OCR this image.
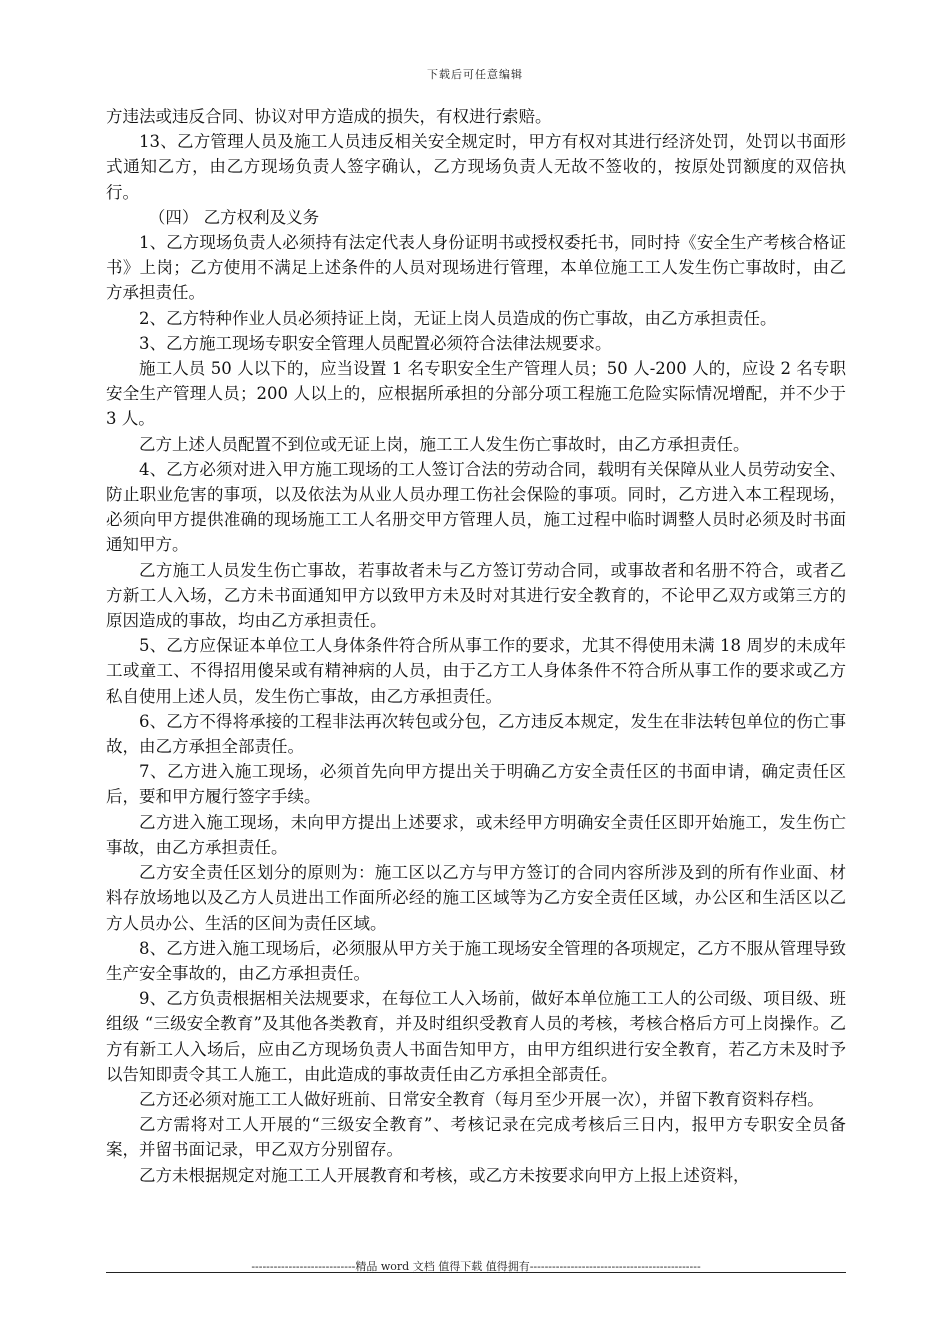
下载后可任意编辑

方违法或违反合同、协议对甲方造成的损失，有权进行索赔。

13、乙方管理人员及施工人员违反相关安全规定时，甲方有权对其进行经济处罚，处罚以书面形式通知乙方，由乙方现场负责人签字确认，乙方现场负责人无故不签收的，按原处罚额度的双倍执行。

（四） 乙方权利及义务

1、乙方现场负责人必须持有法定代表人身份证明书或授权委托书，同时持《安全生产考核合格证书》上岗；乙方使用不满足上述条件的人员对现场进行管理，本单位施工工人发生伤亡事故时，由乙方承担责任。

2、乙方特种作业人员必须持证上岗，无证上岗人员造成的伤亡事故，由乙方承担责任。

3、乙方施工现场专职安全管理人员配置必须符合法律法规要求。

施工人员 50 人以下的，应当设置 1 名专职安全生产管理人员；50 人-200 人的，应设 2 名专职安全生产管理人员；200 人以上的，应根据所承担的分部分项工程施工危险实际情况增配，并不少于 3 人。

乙方上述人员配置不到位或无证上岗，施工工人发生伤亡事故时，由乙方承担责任。

4、乙方必须对进入甲方施工现场的工人签订合法的劳动合同，载明有关保障从业人员劳动安全、防止职业危害的事项，以及依法为从业人员办理工伤社会保险的事项。同时，乙方进入本工程现场，必须向甲方提供准确的现场施工工人名册交甲方管理人员，施工过程中临时调整人员时必须及时书面通知甲方。

乙方施工人员发生伤亡事故，若事故者未与乙方签订劳动合同，或事故者和名册不符合，或者乙方新工人入场，乙方未书面通知甲方以致甲方未及时对其进行安全教育的，不论甲乙双方或第三方的原因造成的事故，均由乙方承担责任。

5、乙方应保证本单位工人身体条件符合所从事工作的要求，尤其不得使用未满 18 周岁的未成年工或童工、不得招用傻呆或有精神病的人员，由于乙方工人身体条件不符合所从事工作的要求或乙方私自使用上述人员，发生伤亡事故，由乙方承担责任。

6、乙方不得将承接的工程非法再次转包或分包，乙方违反本规定，发生在非法转包单位的伤亡事故，由乙方承担全部责任。

7、乙方进入施工现场，必须首先向甲方提出关于明确乙方安全责任区的书面申请，确定责任区后，要和甲方履行签字手续。

乙方进入施工现场，未向甲方提出上述要求，或未经甲方明确安全责任区即开始施工，发生伤亡事故，由乙方承担责任。

乙方安全责任区划分的原则为：施工区以乙方与甲方签订的合同内容所涉及到的所有作业面、材料存放场地以及乙方人员进出工作面所必经的施工区域等为乙方安全责任区域，办公区和生活区以乙方人员办公、生活的区间为责任区域。

8、乙方进入施工现场后，必须服从甲方关于施工现场安全管理的各项规定，乙方不服从管理导致生产安全事故的，由乙方承担责任。

9、乙方负责根据相关法规要求，在每位工人入场前，做好本单位施工工人的公司级、项目级、班组级 “三级安全教育”及其他各类教育，并及时组织受教育人员的考核，考核合格后方可上岗操作。乙方有新工人入场后，应由乙方现场负责人书面告知甲方，由甲方组织进行安全教育，若乙方未及时予以告知即责令其工人施工，由此造成的事故责任由乙方承担全部责任。

乙方还必须对施工工人做好班前、日常安全教育（每月至少开展一次），并留下教育资料存档。

乙方需将对工人开展的“三级安全教育”、考核记录在完成考核后三日内，报甲方专职安全员备案，并留书面记录，甲乙双方分别留存。

乙方未根据规定对施工工人开展教育和考核，或乙方未按要求向甲方上报上述资料，

----------------------------精品 word 文档 值得下载 值得拥有----------------------------------------------
